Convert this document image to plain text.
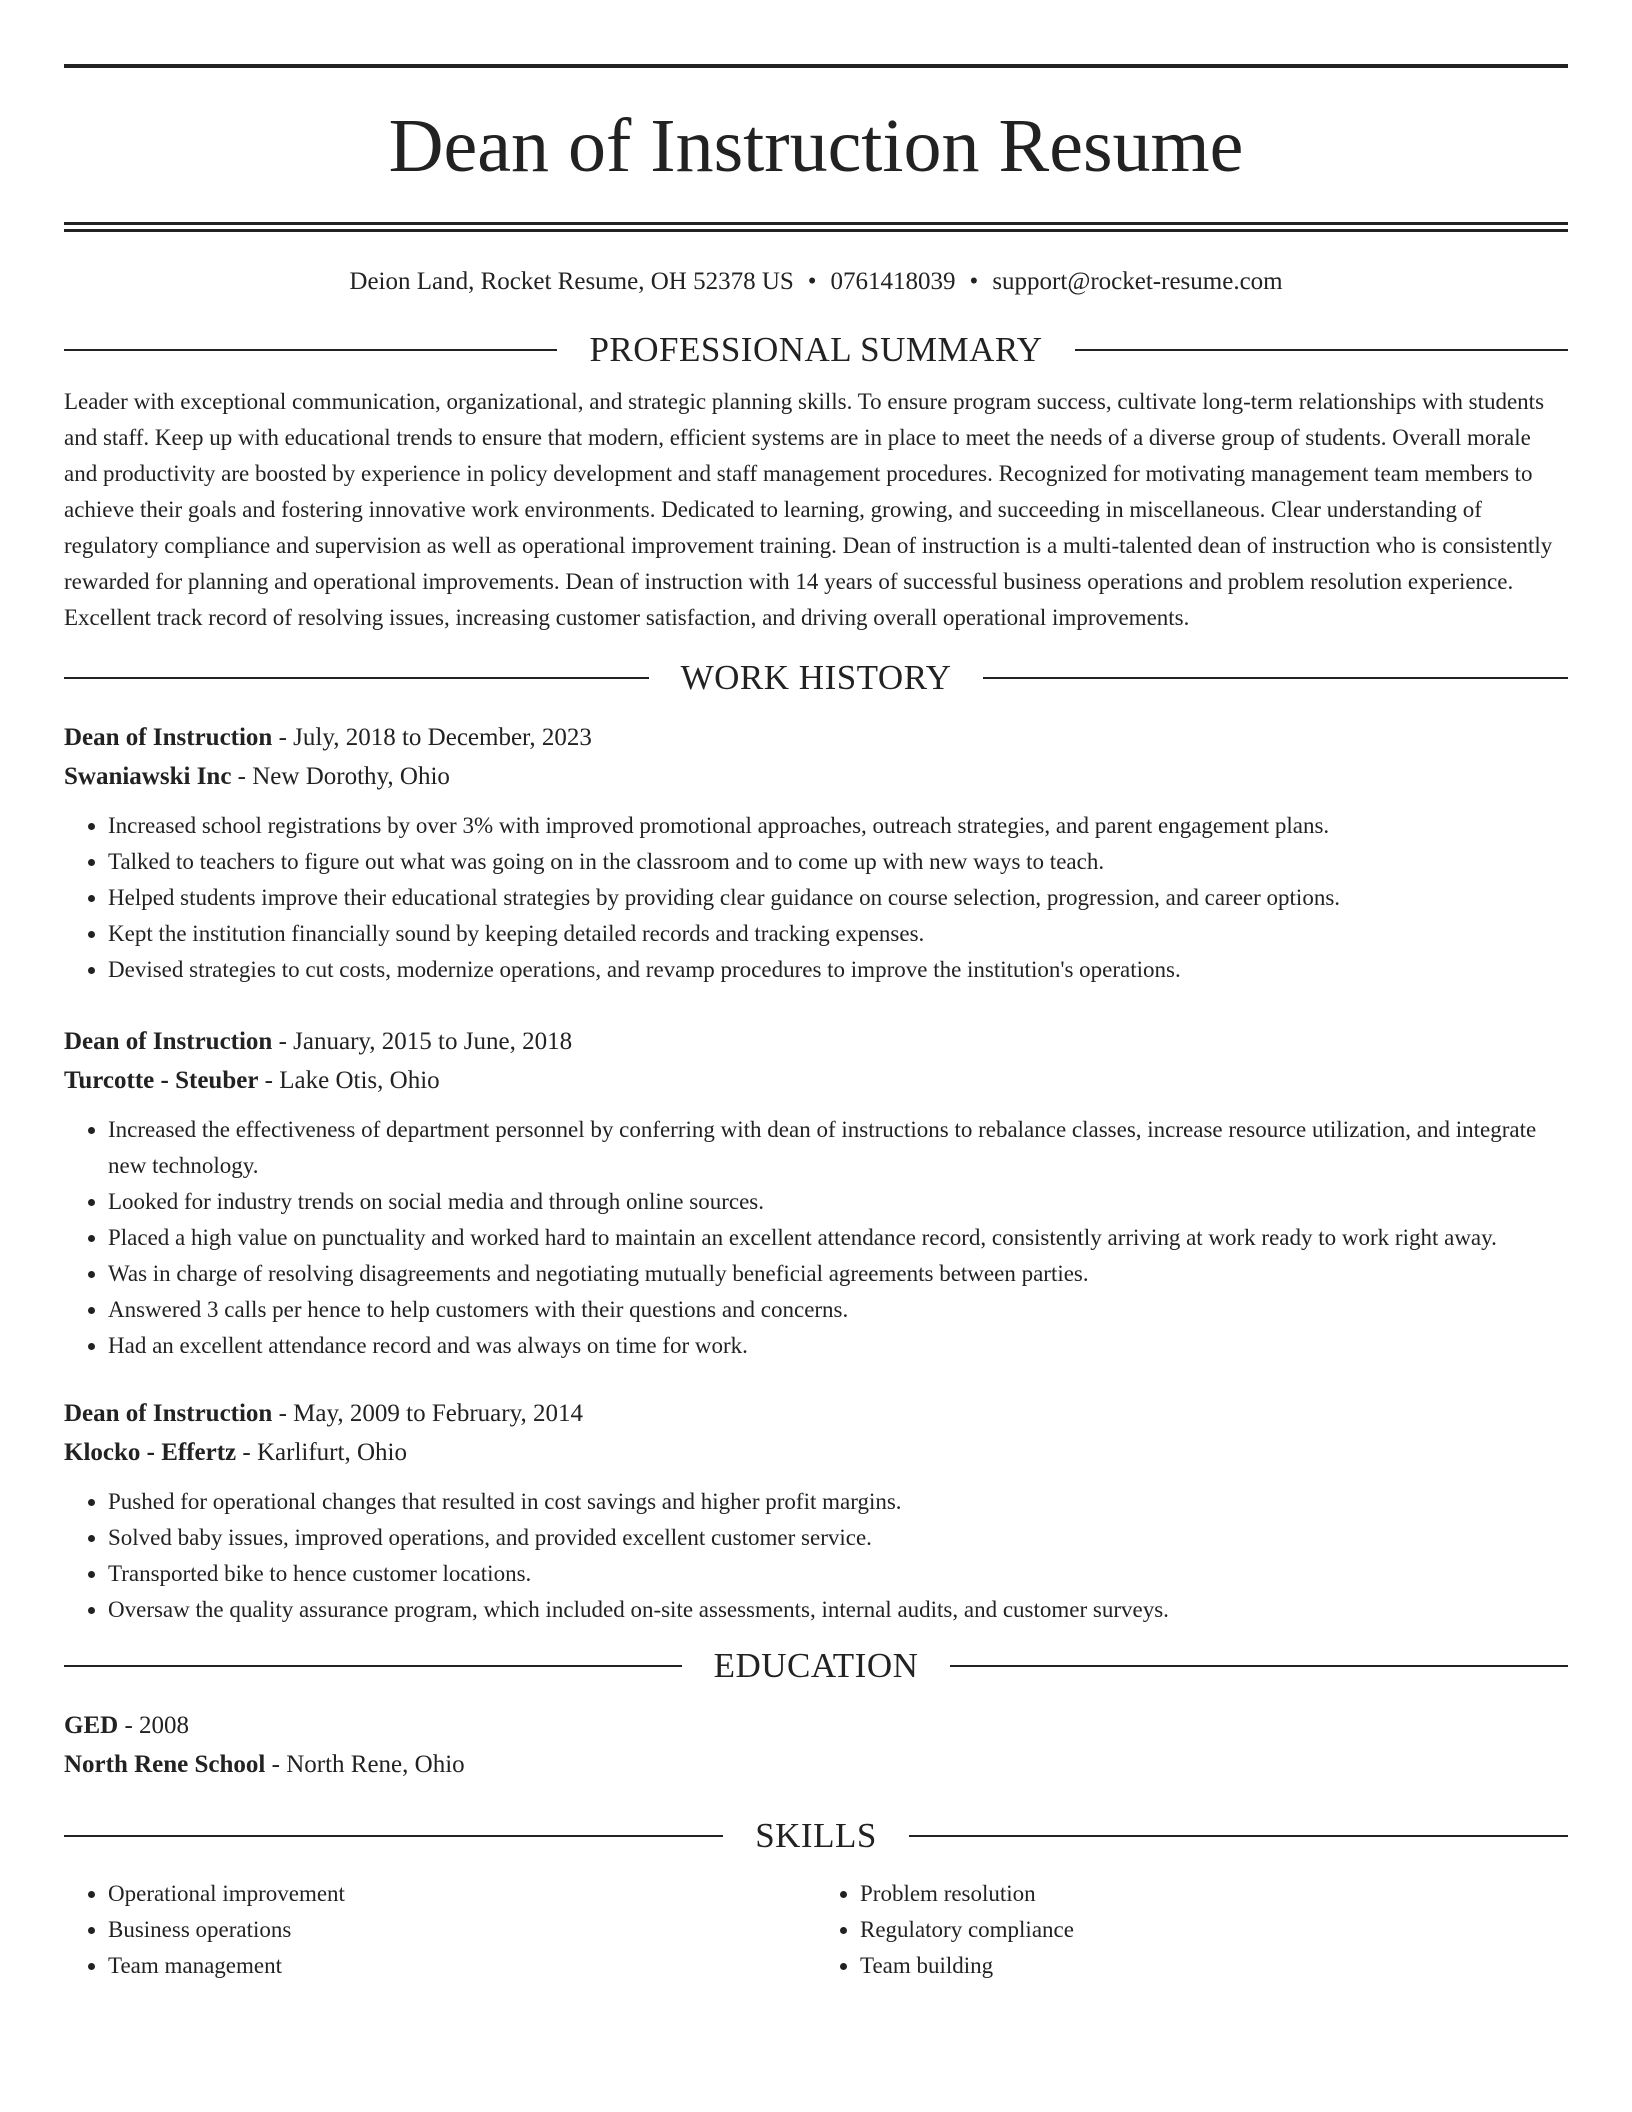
Dean of Instruction Resume
Deion Land, Rocket Resume, OH 52378 US • 0761418039 • support@rocket-resume.com
PROFESSIONAL SUMMARY

Leader with exceptional communication, organizational, and strategic planning skills. To ensure program success, cultivate long-term relationships with students and staff. Keep up with educational trends to ensure that modern, efficient systems are in place to meet the needs of a diverse group of students. Overall morale and productivity are boosted by experience in policy development and staff management procedures. Recognized for motivating management team members to achieve their goals and fostering innovative work environments. Dedicated to learning, growing, and succeeding in miscellaneous. Clear understanding of regulatory compliance and supervision as well as operational improvement training. Dean of instruction is a multi-talented dean of instruction who is consistently rewarded for planning and operational improvements. Dean of instruction with 14 years of successful business operations and problem resolution experience. Excellent track record of resolving issues, increasing customer satisfaction, and driving overall operational improvements.

WORK HISTORY
Dean of Instruction - July, 2018 to December, 2023
Swaniawski Inc - New Dorothy, Ohio
• Increased school registrations by over 3% with improved promotional approaches, outreach strategies, and parent engagement plans.
• Talked to teachers to figure out what was going on in the classroom and to come up with new ways to teach.
• Helped students improve their educational strategies by providing clear guidance on course selection, progression, and career options.
• Kept the institution financially sound by keeping detailed records and tracking expenses.
• Devised strategies to cut costs, modernize operations, and revamp procedures to improve the institution's operations.
Dean of Instruction - January, 2015 to June, 2018
Turcotte - Steuber - Lake Otis, Ohio
• Increased the effectiveness of department personnel by conferring with dean of instructions to rebalance classes, increase resource utilization, and integrate new technology.
• Looked for industry trends on social media and through online sources.
• Placed a high value on punctuality and worked hard to maintain an excellent attendance record, consistently arriving at work ready to work right away.
• Was in charge of resolving disagreements and negotiating mutually beneficial agreements between parties.
• Answered 3 calls per hence to help customers with their questions and concerns.
• Had an excellent attendance record and was always on time for work.
Dean of Instruction - May, 2009 to February, 2014
Klocko - Effertz - Karlifurt, Ohio
• Pushed for operational changes that resulted in cost savings and higher profit margins.
• Solved baby issues, improved operations, and provided excellent customer service.
• Transported bike to hence customer locations.
• Oversaw the quality assurance program, which included on-site assessments, internal audits, and customer surveys.
EDUCATION
GED - 2008
North Rene School - North Rene, Ohio
SKILLS
• Operational improvement
• Business operations
• Team management
• Problem resolution
• Regulatory compliance
• Team building
